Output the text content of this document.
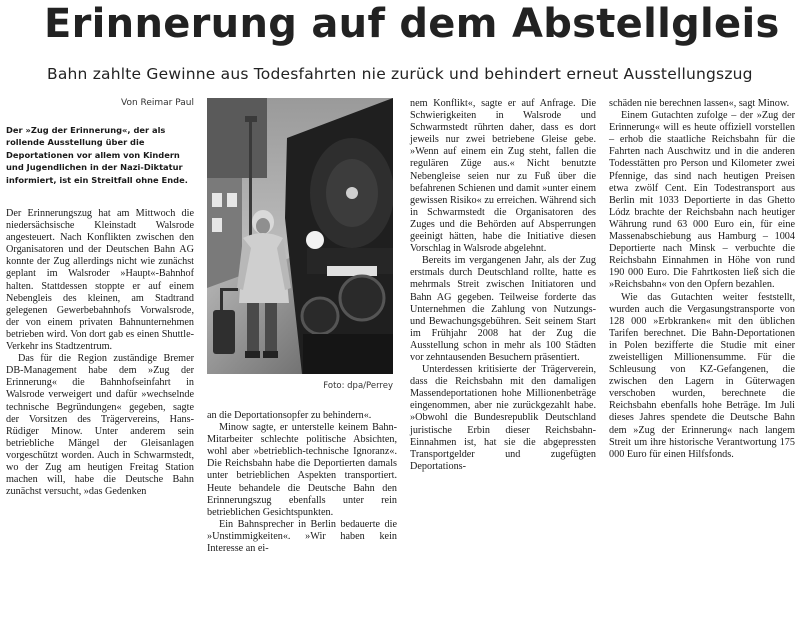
Erinnerung auf dem Abstellgleis
Bahn zahlte Gewinne aus Todesfahrten nie zurück und behindert erneut Ausstellungszug
Von Reimar Paul
Der »Zug der Erinnerung«, der als rollende Ausstellung über die Deportationen vor allem von Kindern und Jugendlichen in der Nazi-Diktatur informiert, ist ein Streitfall ohne Ende.

Der Erinnerungszug hat am Mittwoch die niedersächsische Kleinstadt Walsrode angesteuert. Nach Konflikten zwischen den Organisatoren und der Deutschen Bahn AG konnte der Zug allerdings nicht wie zunächst geplant im Walsroder »Haupt«-Bahnhof halten. Stattdessen stoppte er auf einem Nebengleis des kleinen, am Stadtrand gelegenen Gewerbebahnhofs Vorwalsrode, der von einem privaten Bahnunternehmen betrieben wird. Von dort gab es einen Shuttle-Verkehr ins Stadtzentrum.

Das für die Region zuständige Bremer DB-Management habe dem »Zug der Erinnerung« die Bahnhofseinfahrt in Walsrode verweigert und dafür »wechselnde technische Begründungen« gegeben, sagte der Vorsitzen des Trägervereins, Hans-Rüdiger Minow. Unter anderem sein betriebliche Mängel der Gleisanlagen vorgeschützt worden. Auch in Schwarmstedt, wo der Zug am heutigen Freitag Station machen will, habe die Deutsche Bahn zunächst versucht, »das Gedenken

Foto: dpa/Perrey

an die Deportationsopfer zu behindern«.

Minow sagte, er unterstelle keinem Bahn-Mitarbeiter schlechte politische Absichten, wohl aber »betrieblich-technische Ignoranz«. Die Reichsbahn habe die Deportierten damals unter betrieblichen Aspekten transportiert. Heute behandele die Deutsche Bahn den Erinnerungszug ebenfalls unter rein betrieblichen Gesichtspunkten.

Ein Bahnsprecher in Berlin bedauerte die »Unstimmigkeiten«. »Wir haben kein Interesse an ei-

nem Konflikt«, sagte er auf Anfrage. Die Schwierigkeiten in Walsrode und Schwarmstedt rührten daher, dass es dort jeweils nur zwei betriebene Gleise gebe. »Wenn auf einem ein Zug steht, fallen die regulären Züge aus.« Nicht benutzte Nebengleise seien nur zu Fuß über die befahrenen Schienen und damit »unter einem gewissen Risiko« zu erreichen. Während sich in Schwarmstedt die Organisatoren des Zuges und die Behörden auf Absperrungen geeinigt hätten, habe die Initiative diesen Vorschlag in Walsrode abgelehnt.

Bereits im vergangenen Jahr, als der Zug erstmals durch Deutschland rollte, hatte es mehrmals Streit zwischen Initiatoren und Bahn AG gegeben. Teilweise forderte das Unternehmen die Zahlung von Nutzungs- und Bewachungsgebühren. Seit seinem Start im Frühjahr 2008 hat der Zug die Ausstellung schon in mehr als 100 Städten vor zehntausenden Besuchern präsentiert.

Unterdessen kritisierte der Trägerverein, dass die Reichsbahn mit den damaligen Massendeportationen hohe Millionenbeträge eingenommen, aber nie zurückgezahlt habe. »Obwohl die Bundesrepublik Deutschland juristische Erbin dieser Reichsbahn-Einnahmen ist, hat sie die abgepressten Transportgelder und zugefügten Deportations-

schäden nie berechnen lassen«, sagt Minow.

Einem Gutachten zufolge – der »Zug der Erinnerung« will es heute offiziell vorstellen – erhob die staatliche Reichsbahn für die Fahrten nach Auschwitz und in die anderen Todesstätten pro Person und Kilometer zwei Pfennige, das sind nach heutigen Preisen etwa zwölf Cent. Ein Todestransport aus Berlin mit 1033 Deportierte in das Ghetto Lódz brachte der Reichsbahn nach heutiger Währung rund 63 000 Euro ein, für eine Massenabschiebung aus Hamburg – 1004 Deportierte nach Minsk – verbuchte die Reichsbahn Einnahmen in Höhe von rund 190 000 Euro. Die Fahrtkosten ließ sich die »Reichsbahn« von den Opfern bezahlen.

Wie das Gutachten weiter feststellt, wurden auch die Vergasungstransporte von 128 000 »Erbkranken« mit den üblichen Tarifen berechnet. Die Bahn-Deportationen in Polen bezifferte die Studie mit einer zweistelligen Millionensumme. Für die Schleusung von KZ-Gefangenen, die zwischen den Lagern in Güterwagen verschoben wurden, berechnete die Reichsbahn ebenfalls hohe Beträge. Im Juli dieses Jahres spendete die Deutsche Bahn dem »Zug der Erinnerung« nach langem Streit um ihre historische Verantwortung 175 000 Euro für einen Hilfsfonds.
